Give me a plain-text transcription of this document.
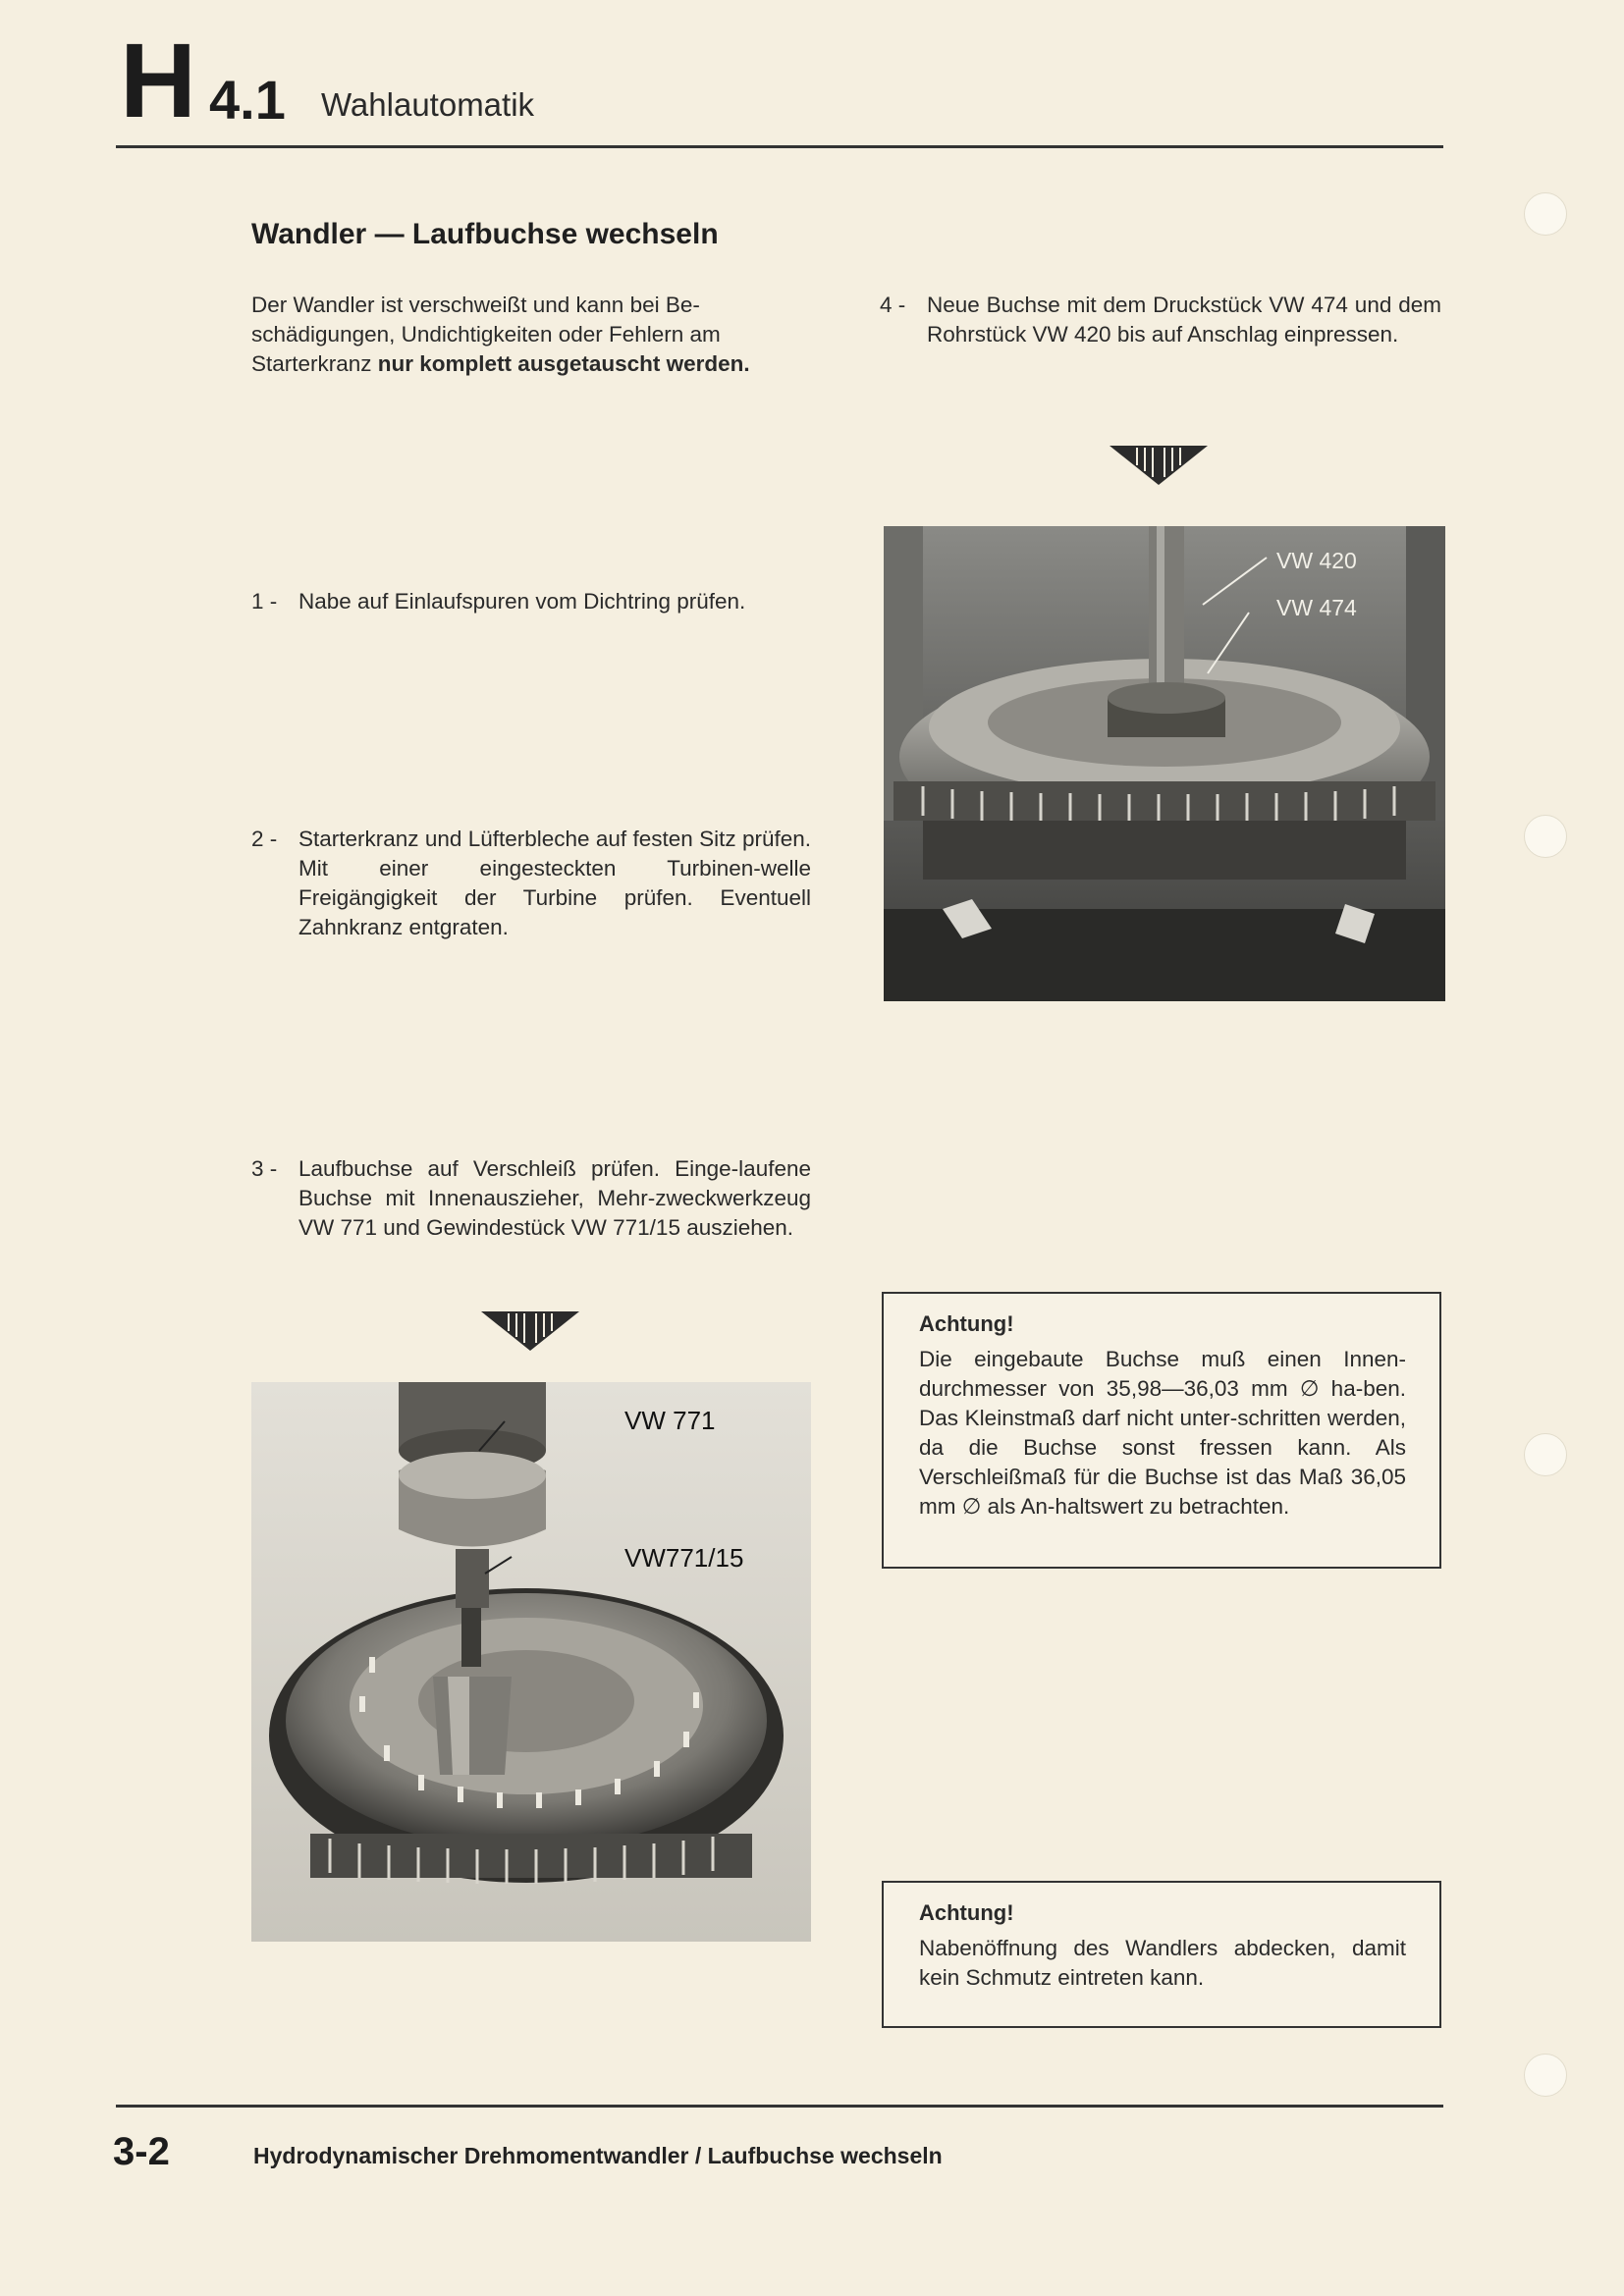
H 4.1 Wahlautomatik
Wandler — Laufbuchse wechseln
Der Wandler ist verschweißt und kann bei Be-
schädigungen, Undichtigkeiten oder Fehlern am
Starterkranz nur komplett ausgetauscht werden.
4 - Neue Buchse mit dem Druckstück VW 474 und dem Rohrstück VW 420 bis auf Anschlag einpressen.
VW 420
VW 474
1 - Nabe auf Einlaufspuren vom Dichtring prüfen.
2 - Starterkranz und Lüfterbleche auf festen Sitz prüfen. Mit einer eingesteckten Turbinen-welle Freigängigkeit der Turbine prüfen. Eventuell Zahnkranz entgraten.
3 - Laufbuchse auf Verschleiß prüfen. Einge-laufene Buchse mit Innenauszieher, Mehr-zweckwerkzeug VW 771 und Gewindestück VW 771/15 ausziehen.
VW 771
VW771/15
Achtung!
Die eingebaute Buchse muß einen Innen-durchmesser von 35,98—36,03 mm ∅ ha-ben. Das Kleinstmaß darf nicht unter-schritten werden, da die Buchse sonst fressen kann. Als Verschleißmaß für die Buchse ist das Maß 36,05 mm ∅ als An-haltswert zu betrachten.
Achtung!
Nabenöffnung des Wandlers abdecken, damit kein Schmutz eintreten kann.
3-2	Hydrodynamischer Drehmomentwandler / Laufbuchse wechseln
